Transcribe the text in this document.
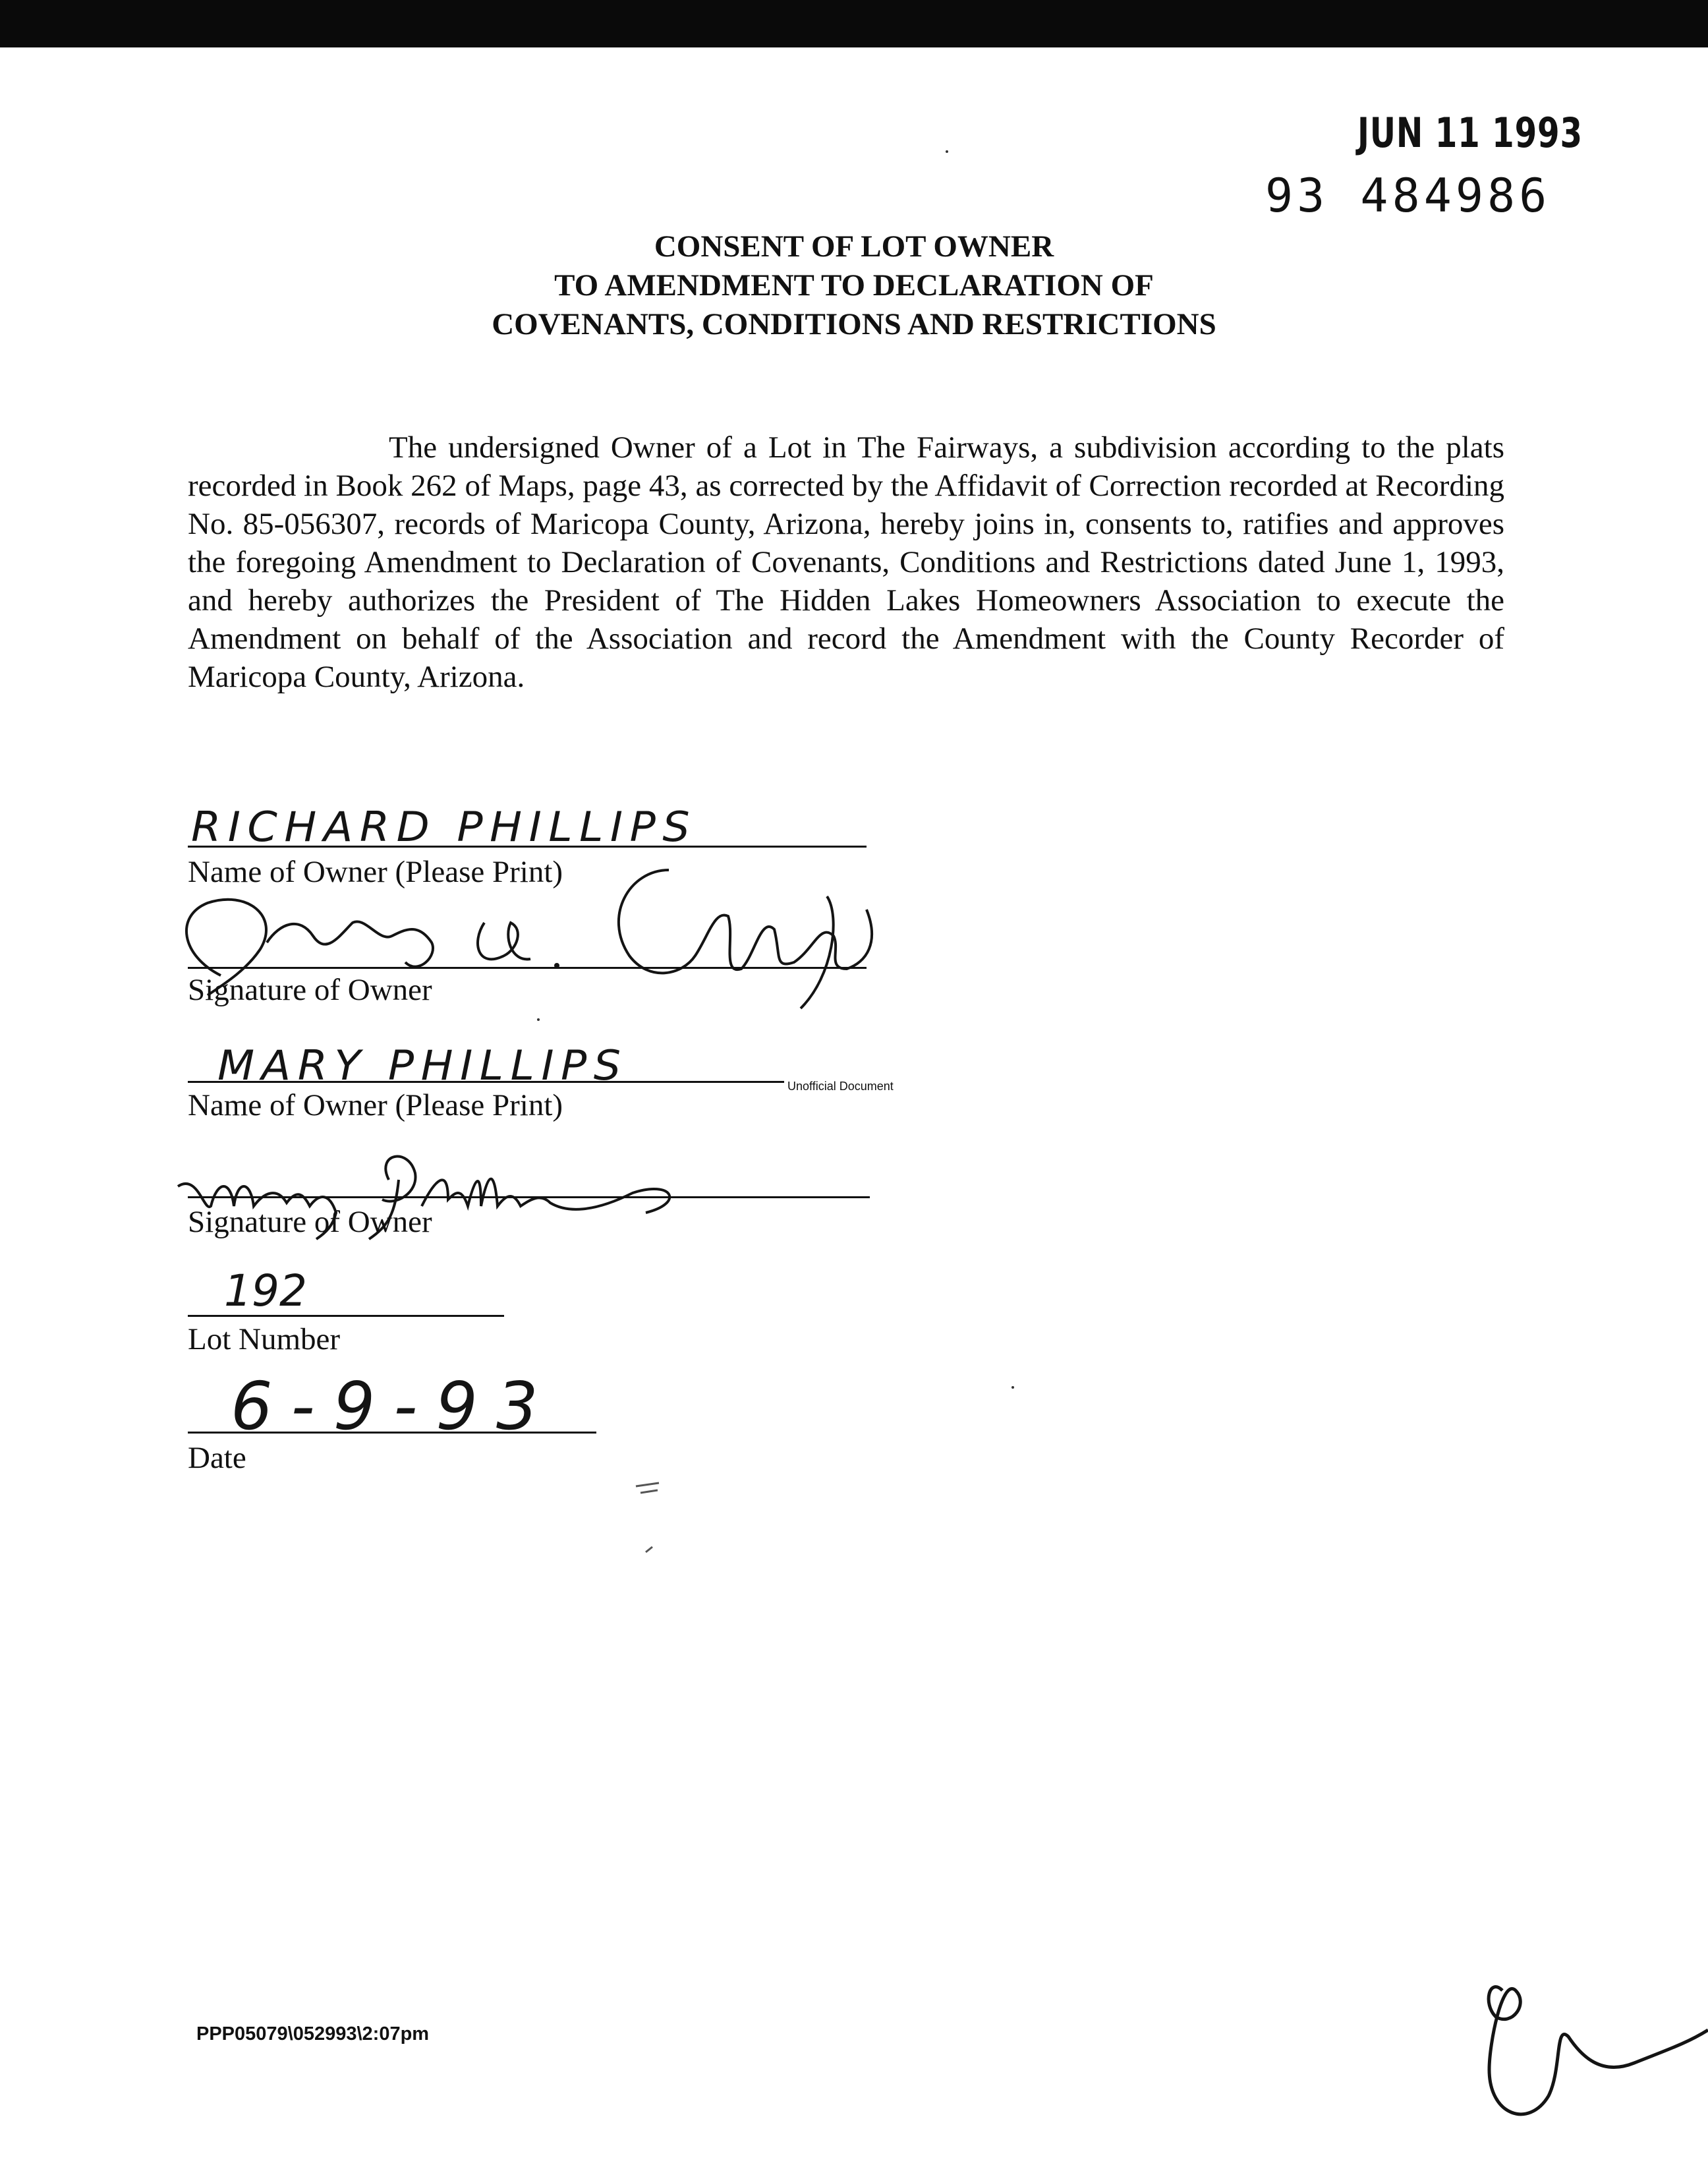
JUN 11 1993
93 484986
CONSENT OF LOT OWNER
TO AMENDMENT TO DECLARATION OF
COVENANTS, CONDITIONS AND RESTRICTIONS
The undersigned Owner of a Lot in The Fairways, a subdivision according to the plats recorded in Book 262 of Maps, page 43, as corrected by the Affidavit of Correction recorded at Recording No. 85-056307, records of Maricopa County, Arizona, hereby joins in, consents to, ratifies and approves the foregoing Amendment to Declaration of Covenants, Conditions and Restrictions dated June 1, 1993, and hereby authorizes the President of The Hidden Lakes Homeowners Association to execute the Amendment on behalf of the Association and record the Amendment with the County Recorder of Maricopa County, Arizona.
RICHARD PHILLIPS
Name of Owner (Please Print)
Signature of Owner
MARY PHILLIPS	Unofficial Document
Name of Owner (Please Print)
Signature of Owner
192
Lot Number
6-9-93
Date
PPP05079\052993\2:07pm
